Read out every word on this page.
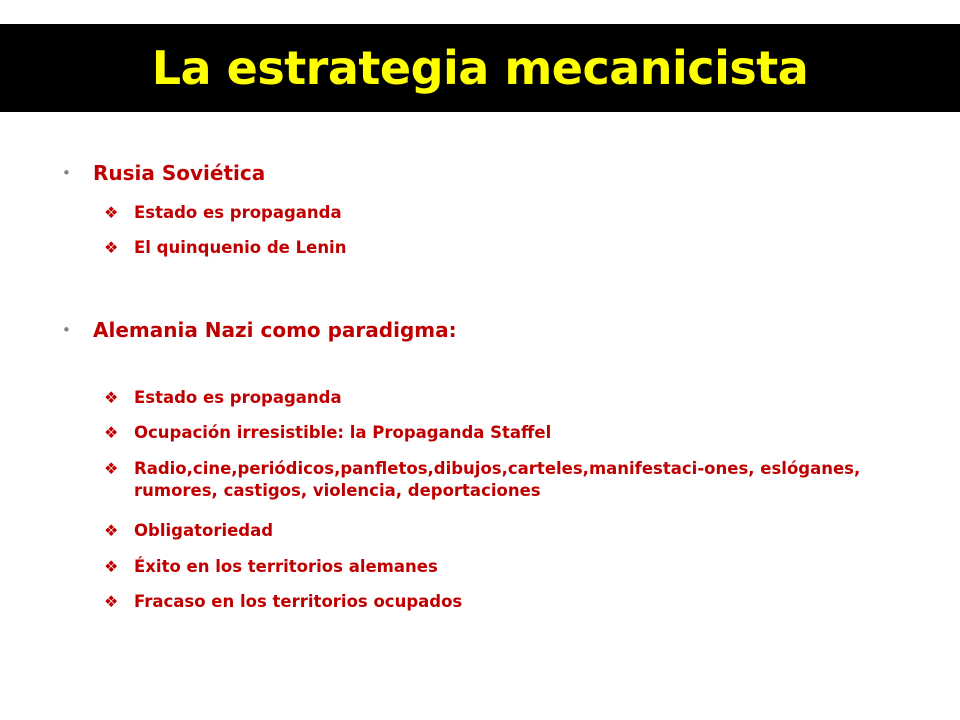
La estrategia mecanicista
•	Rusia Soviética
❖ Estado es propaganda
❖ El quinquenio de Lenin
•	Alemania Nazi como paradigma:
❖ Estado es propaganda
❖ Ocupación irresistible: la Propaganda Staffel
❖ Radio,cine,periódicos,panfletos,dibujos,carteles,manifestaci-ones, eslóganes, rumores, castigos, violencia, deportaciones
❖ Obligatoriedad
❖ Éxito en los territorios alemanes
❖ Fracaso en los territorios ocupados
